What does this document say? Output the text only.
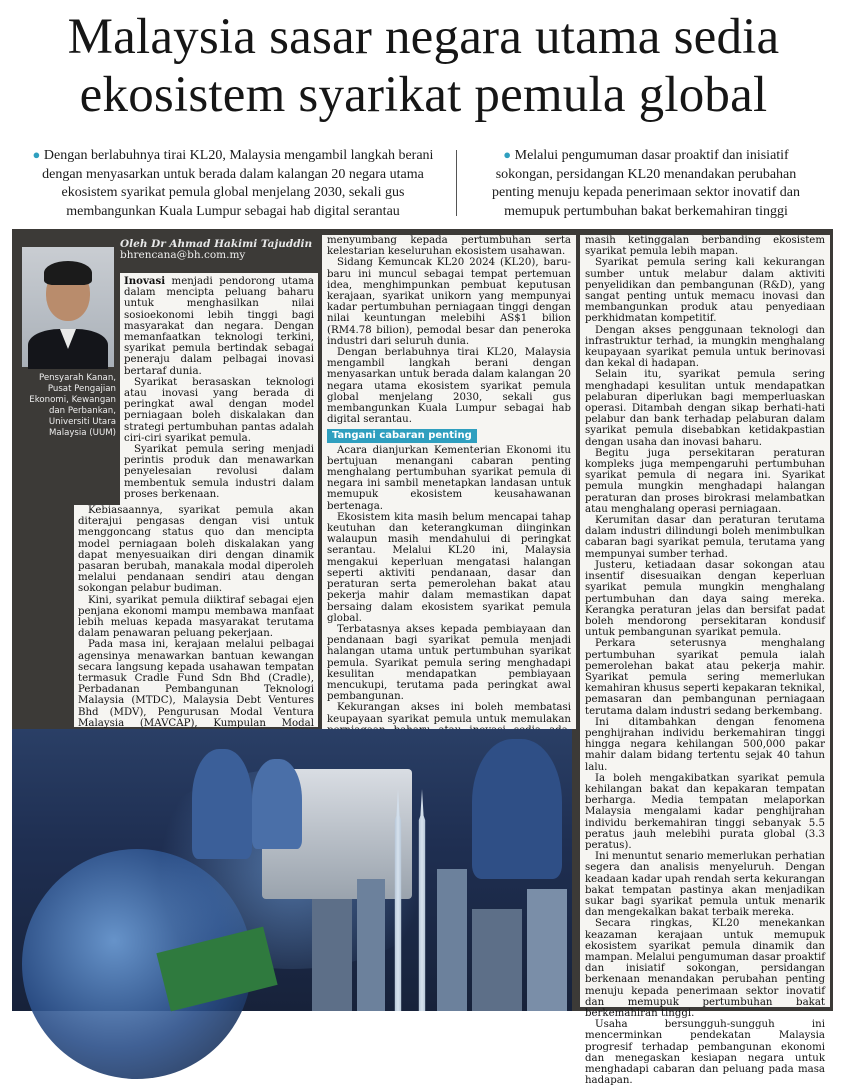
Malaysia sasar negara utama sedia
ekosistem syarikat pemula global
● Dengan berlabuhnya tirai KL20, Malaysia mengambil langkah berani dengan menyasarkan untuk berada dalam kalangan 20 negara utama ekosistem syarikat pemula global menjelang 2030, sekali gus membangunkan Kuala Lumpur sebagai hab digital serantau
● Melalui pengumuman dasar proaktif dan inisiatif sokongan, persidangan KL20 menandakan perubahan penting menuju kepada penerimaan sektor inovatif dan memupuk pertumbuhan bakat berkemahiran tinggi
Pensyarah Kanan, Pusat Pengajian Ekonomi, Kewangan dan Perbankan, Universiti Utara Malaysia (UUM)
Oleh Dr Ahmad Hakimi Tajuddin
bhrencana@bh.com.my

Inovasi menjadi pendorong utama dalam mencipta peluang baharu untuk menghasilkan nilai sosioekonomi lebih tinggi bagi masyarakat dan negara. Dengan memanfaatkan teknologi terkini, syarikat pemula bertindak sebagai peneraju dalam pelbagai inovasi bertaraf dunia.

Syarikat berasaskan teknologi atau inovasi yang berada di peringkat awal dengan model perniagaan boleh diskalakan dan strategi pertumbuhan pantas adalah ciri-ciri syarikat pemula.

Syarikat pemula sering menjadi perintis produk dan menawarkan penyelesaian revolusi dalam membentuk semula industri dalam proses berkenaan.

Kebiasaannya, syarikat pemula akan diterajui pengasas dengan visi untuk menggoncang status quo dan mencipta model perniagaan boleh diskalakan yang dapat menyesuaikan diri dengan dinamik pasaran berubah, manakala modal diperoleh melalui pendanaan sendiri atau dengan sokongan pelabur budiman.

Kini, syarikat pemula diiktiraf sebagai ejen penjana ekonomi mampu membawa manfaat lebih meluas kepada masyarakat terutama dalam penawaran peluang pekerjaan.

Pada masa ini, kerajaan melalui pelbagai agensinya menawarkan bantuan kewangan secara langsung kepada usahawan tempatan termasuk Cradle Fund Sdn Bhd (Cradle), Perbadanan Pembangunan Teknologi Malaysia (MTDC), Malaysia Debt Ventures Bhd (MDV), Pengurusan Modal Ventura Malaysia (MAVCAP), Kumpulan Modal

menyumbang kepada pertumbuhan serta kelestarian keseluruhan ekosistem usahawan.

Sidang Kemuncak KL20 2024 (KL20), baru-baru ini muncul sebagai tempat pertemuan idea, menghimpunkan pembuat keputusan kerajaan, syarikat unikorn yang mempunyai kadar pertumbuhan perniagaan tinggi dengan nilai keuntungan melebihi AS$1 bilion (RM4.78 bilion), pemodal besar dan peneroka industri dari seluruh dunia.

Dengan berlabuhnya tirai KL20, Malaysia mengambil langkah berani dengan menyasarkan untuk berada dalam kalangan 20 negara utama ekosistem syarikat pemula global menjelang 2030, sekali gus membangunkan Kuala Lumpur sebagai hab digital serantau.

Tangani cabaran penting

Acara dianjurkan Kementerian Ekonomi itu bertujuan menangani cabaran penting menghalang pertumbuhan syarikat pemula di negara ini sambil menetapkan landasan untuk memupuk ekosistem keusahawanan bertenaga.

Ekosistem kita masih belum mencapai tahap keutuhan dan keterangkuman diinginkan walaupun masih mendahului di peringkat serantau. Melalui KL20 ini, Malaysia mengakui keperluan mengatasi halangan seperti aktiviti pendanaan, dasar dan peraturan serta pemerolehan bakat atau pekerja mahir dalam memastikan dapat bersaing dalam ekosistem syarikat pemula global.

Terbatasnya akses kepada pembiayaan dan pendanaan bagi syarikat pemula menjadi halangan utama untuk pertumbuhan syarikat pemula. Syarikat pemula sering menghadapi kesulitan mendapatkan pembiayaan mencukupi, terutama pada peringkat awal pembangunan.

Kekurangan akses ini boleh membatasi keupayaan syarikat pemula untuk memulakan

masih ketinggalan berbanding ekosistem syarikat pemula lebih mapan.

Syarikat pemula sering kali kekurangan sumber untuk melabur dalam aktiviti penyelidikan dan pembangunan (R&D), yang sangat penting untuk memacu inovasi dan membangunkan produk atau penyediaan perkhidmatan kompetitif.

Dengan akses penggunaan teknologi dan infrastruktur terhad, ia mungkin menghalang keupayaan syarikat pemula untuk berinovasi dan kekal di hadapan.

Selain itu, syarikat pemula sering menghadapi kesulitan untuk mendapatkan pelaburan diperlukan bagi memperluaskan operasi. Ditambah dengan sikap berhati-hati pelabur dan bank terhadap pelaburan dalam syarikat pemula disebabkan ketidakpastian dengan usaha dan inovasi baharu.

Begitu juga persekitaran peraturan kompleks juga mempengaruhi pertumbuhan syarikat pemula di negara ini. Syarikat pemula mungkin menghadapi halangan peraturan dan proses birokrasi melambatkan atau menghalang operasi perniagaan.

Kerumitan dasar dan peraturan terutama dalam industri dilindungi boleh menimbulkan cabaran bagi syarikat pemula, terutama yang mempunyai sumber terhad.

Justeru, ketiadaan dasar sokongan atau insentif disesuaikan dengan keperluan syarikat pemula mungkin menghalang pertumbuhan dan daya saing mereka. Kerangka peraturan jelas dan bersifat padat boleh mendorong persekitaran kondusif untuk pembangunan syarikat pemula.

Perkara seterusnya menghalang pertumbuhan syarikat pemula ialah pemerolehan bakat atau pekerja mahir. Syarikat pemula sering memerlukan kemahiran khusus seperti kepakaran teknikal, pemasaran dan pembangunan perniagaan terutama dalam industri sedang berkembang.

Ini ditambahkan dengan fenomena penghijrahan individu berkemahiran tinggi hingga negara kehilangan 500,000 pakar mahir dalam bidang tertentu sejak 40 tahun lalu.

Ia boleh mengakibatkan syarikat pemula kehilangan bakat dan kepakaran tempatan berharga. Media tempatan melaporkan Malaysia mengalami kadar penghijrahan individu berkemahiran tinggi sebanyak 5.5 peratus jauh melebihi purata global (3.3 peratus).

Ini menuntut senario memerlukan perhatian segera dan analisis menyeluruh. Dengan keadaan kadar upah rendah serta kekurangan bakat tempatan pastinya akan menjadikan sukar bagi syarikat pemula untuk menarik dan mengekalkan bakat terbaik mereka.

Secara ringkas, KL20 menekankan keazaman kerajaan untuk memupuk ekosistem syarikat pemula dinamik dan mampan. Melalui pengumuman dasar proaktif dan inisiatif sokongan, persidangan berkenaan menandakan perubahan penting menuju kepada penerimaan sektor inovatif dan memupuk pertumbuhan bakat berkemahiran tinggi.

Usaha bersungguh-sungguh ini mencerminkan pendekatan Malaysia progresif terhadap pembangunan ekonomi dan menegaskan kesiapan negara untuk menghadapi cabaran dan peluang pada masa hadapan.
